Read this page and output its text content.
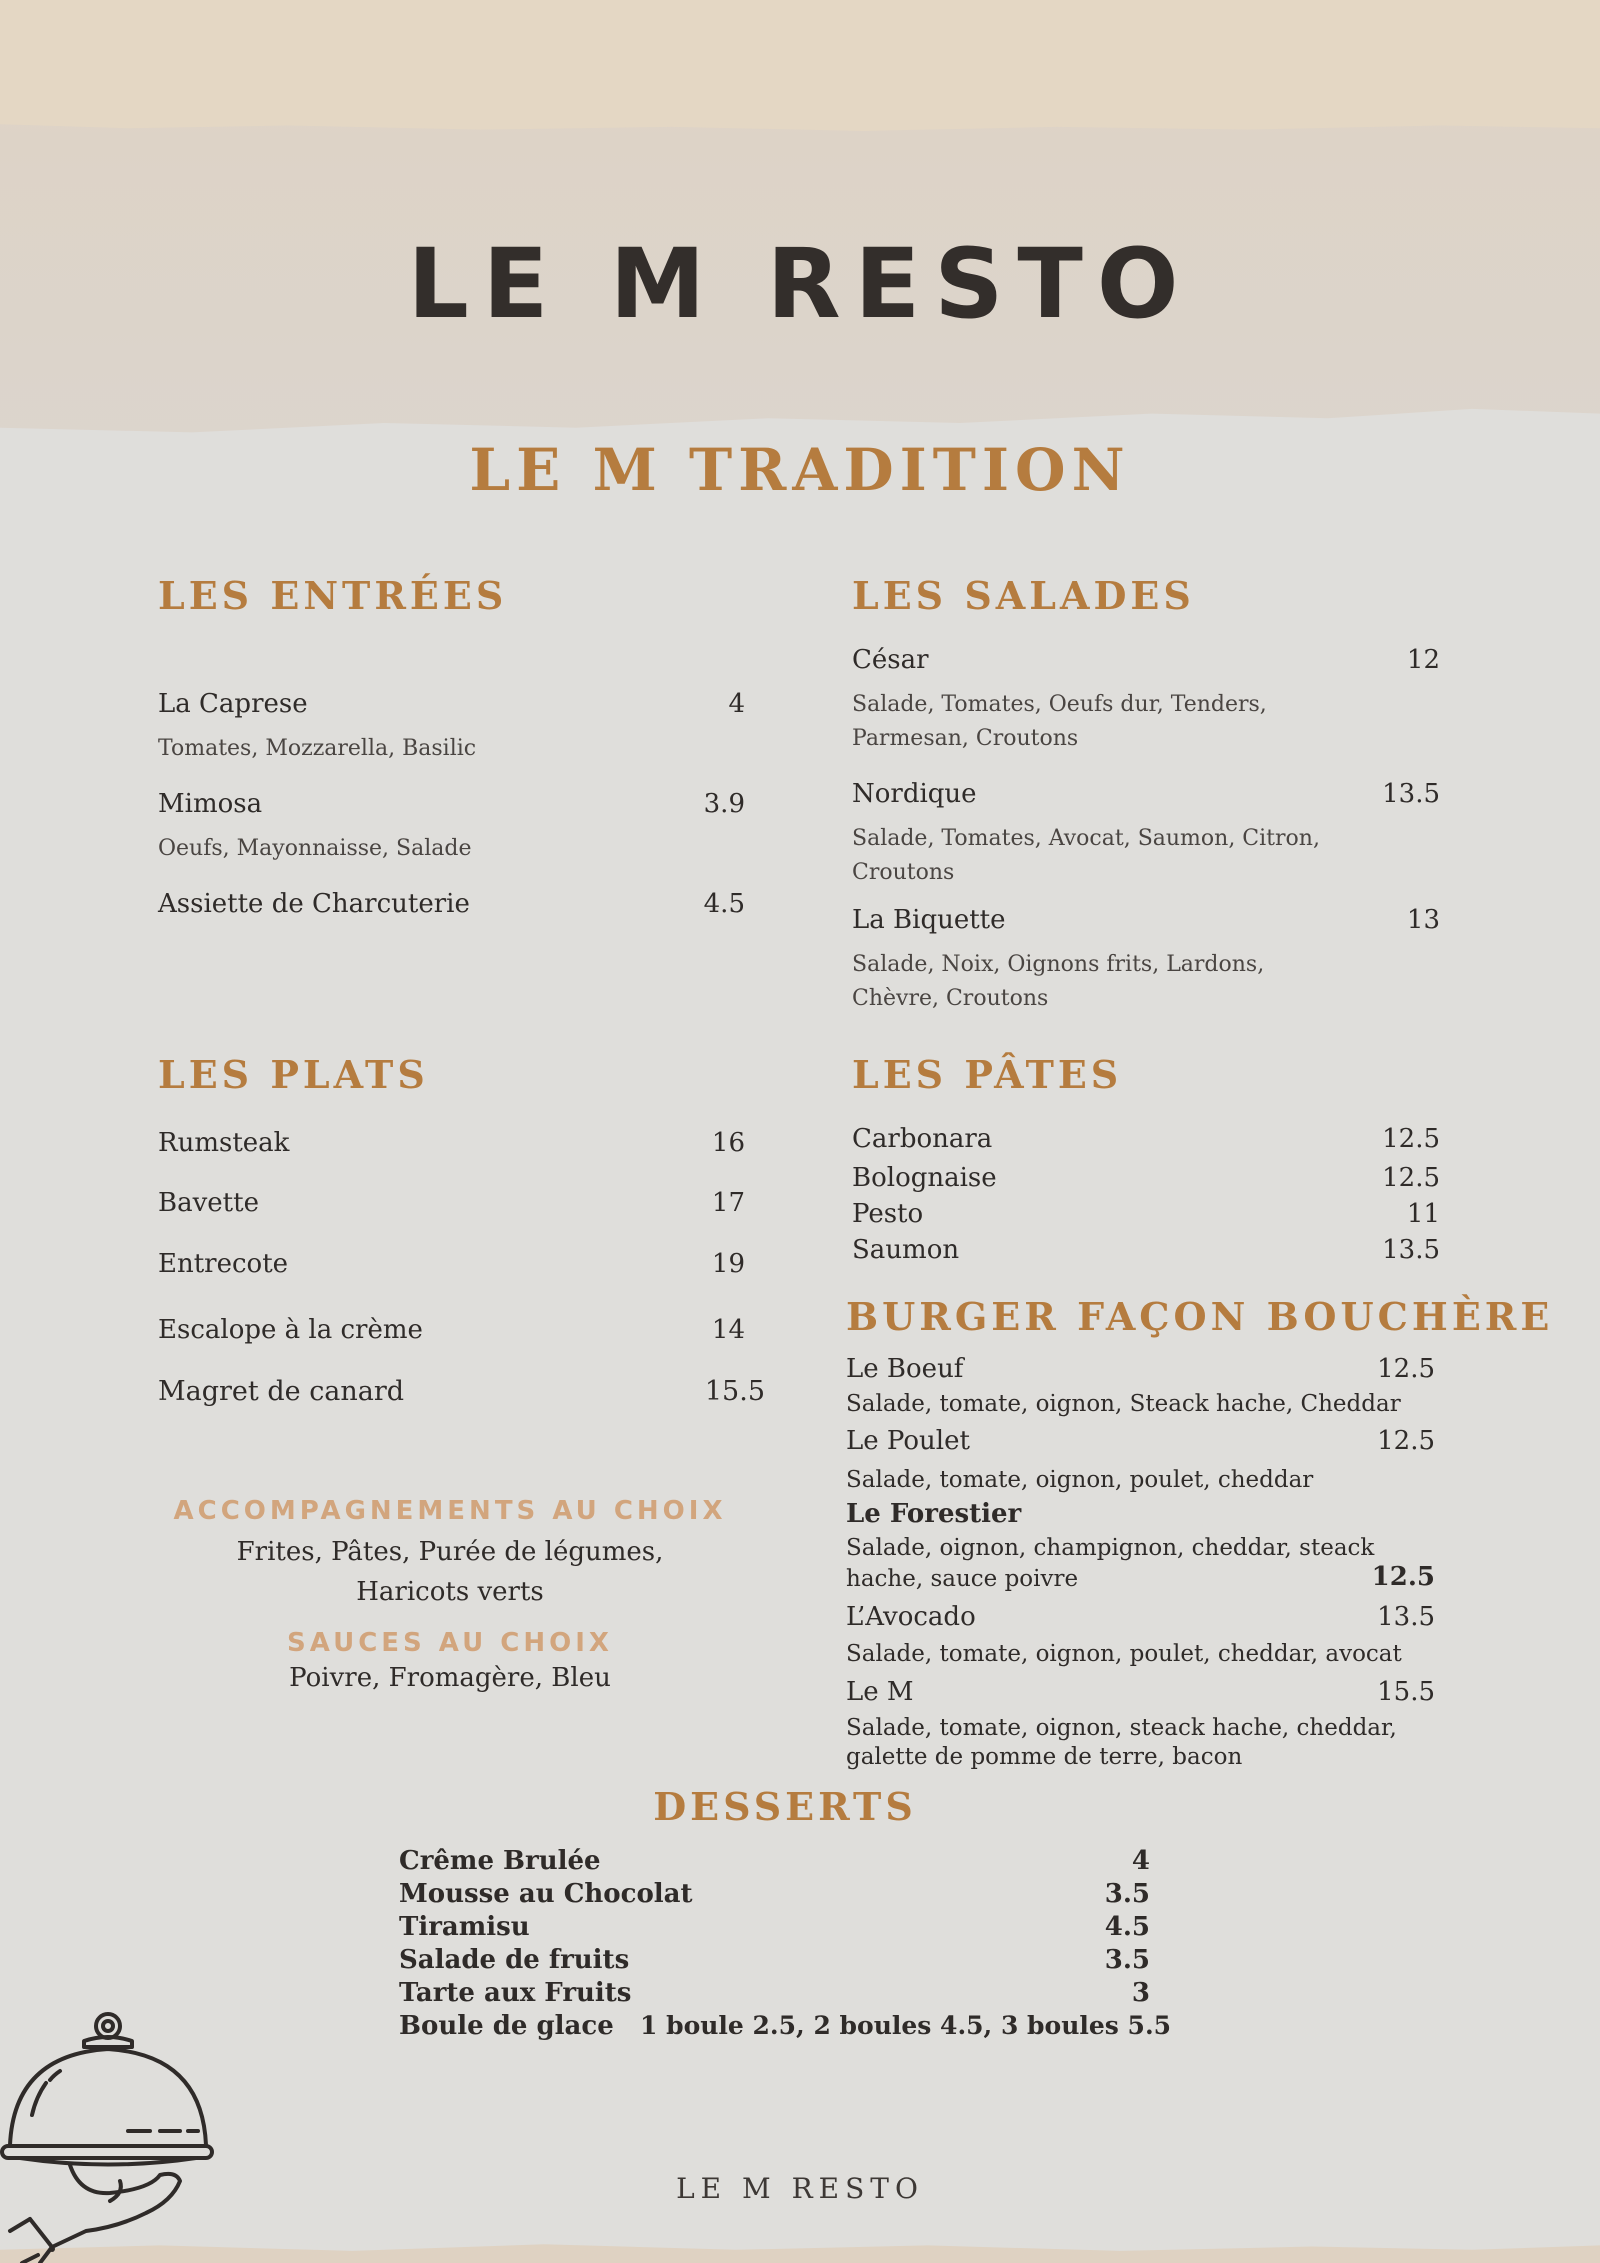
LE M RESTO
LE M TRADITION
LES ENTRÉES
La Caprese	4
Tomates, Mozzarella, Basilic
Mimosa	3.9
Oeufs, Mayonnaisse, Salade
Assiette de Charcuterie	4.5
LES SALADES
César	12
Salade, Tomates, Oeufs dur, Tenders, Parmesan, Croutons
Nordique	13.5
Salade, Tomates, Avocat, Saumon, Citron, Croutons
La Biquette	13
Salade, Noix, Oignons frits, Lardons, Chèvre, Croutons
LES PLATS
Rumsteak	16
Bavette	17
Entrecote	19
Escalope à la crème	14
Magret de canard	15.5
LES PÂTES
Carbonara	12.5
Bolognaise	12.5
Pesto	11
Saumon	13.5
BURGER FAÇON BOUCHÈRE
Le Boeuf	12.5
Salade, tomate, oignon, Steack hache, Cheddar
Le Poulet	12.5
Salade, tomate, oignon, poulet, cheddar
Le Forestier
Salade, oignon, champignon, cheddar, steack
hache, sauce poivre	12.5
L’Avocado	13.5
Salade, tomate, oignon, poulet, cheddar, avocat
Le M	15.5
Salade, tomate, oignon, steack hache, cheddar,
galette de pomme de terre, bacon
ACCOMPAGNEMENTS AU CHOIX
Frites, Pâtes, Purée de légumes, Haricots verts
SAUCES AU CHOIX
Poivre, Fromagère, Bleu
DESSERTS
Crême Brulée	4
Mousse au Chocolat	3.5
Tiramisu	4.5
Salade de fruits	3.5
Tarte aux Fruits	3
Boule de glace 1 boule 2.5, 2 boules 4.5, 3 boules 5.5
LE M RESTO
